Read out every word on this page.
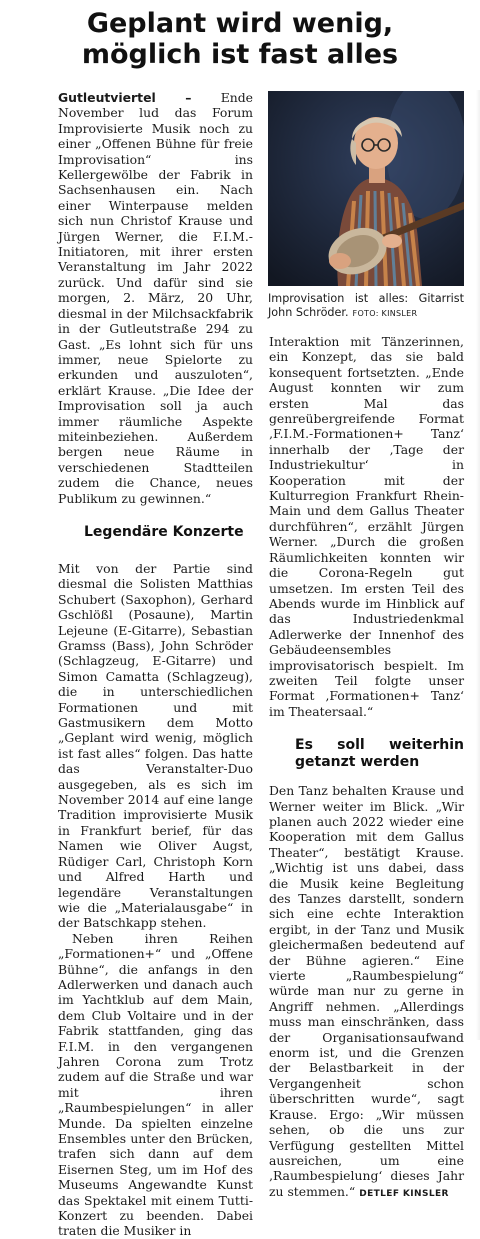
Geplant wird wenig,
möglich ist fast alles

Gutleutviertel – Ende November lud das Forum Improvisierte Musik noch zu einer „Offenen Bühne für freie Improvisation“ ins Kellergewölbe der Fabrik in Sachsenhausen ein. Nach einer Winterpause melden sich nun Christof Krause und Jürgen Werner, die F.I.M.-Initiatoren, mit ihrer ersten Veranstaltung im Jahr 2022 zurück. Und dafür sind sie morgen, 2. März, 20 Uhr, diesmal in der Milchsackfabrik in der Gutleutstraße 294 zu Gast. „Es lohnt sich für uns immer, neue Spielorte zu erkunden und auszuloten“, erklärt Krause. „Die Idee der Improvisation soll ja auch immer räumliche Aspekte miteinbeziehen. Außerdem bergen neue Räume in verschiedenen Stadtteilen zudem die Chance, neues Publikum zu gewinnen.“

Legendäre Konzerte

Mit von der Partie sind diesmal die Solisten Matthias Schubert (Saxophon), Gerhard Gschlößl (Posaune), Martin Lejeune (E-Gitarre), Sebastian Gramss (Bass), John Schröder (Schlagzeug, E-Gitarre) und Simon Camatta (Schlagzeug), die in unterschiedlichen Formationen und mit Gastmusikern dem Motto „Geplant wird wenig, möglich ist fast alles“ folgen. Das hatte das Veranstalter-Duo ausgegeben, als es sich im November 2014 auf eine lange Tradition improvisierte Musik in Frankfurt berief, für das Namen wie Oliver Augst, Rüdiger Carl, Christoph Korn und Alfred Harth und legendäre Veranstaltungen wie die „Materialausgabe“ in der Batschkapp stehen.

Neben ihren Reihen „Formationen+“ und „Offene Bühne“, die anfangs in den Adlerwerken und danach auch im Yachtklub auf dem Main, dem Club Voltaire und in der Fabrik stattfanden, ging das F.I.M. in den vergangenen Jahren Corona zum Trotz zudem auf die Straße und war mit ihren „Raumbespielungen“ in aller Munde. Da spielten einzelne Ensembles unter den Brücken, trafen sich dann auf dem Eisernen Steg, um im Hof des Museums Angewandte Kunst das Spektakel mit einem Tutti-Konzert zu beenden. Dabei traten die Musiker in

Improvisation ist alles: Gitarrist John Schröder. FOTO: KINSLER

Interaktion mit Tänzerinnen, ein Konzept, das sie bald konsequent fortsetzten. „Ende August konnten wir zum ersten Mal das genreübergreifende Format ‚F.I.M.-Formationen+ Tanz‘ innerhalb der ‚Tage der Industriekultur‘ in Kooperation mit der Kulturregion Frankfurt Rhein-Main und dem Gallus Theater durchführen“, erzählt Jürgen Werner. „Durch die großen Räumlichkeiten konnten wir die Corona-Regeln gut umsetzen. Im ersten Teil des Abends wurde im Hinblick auf das Industriedenkmal Adlerwerke der Innenhof des Gebäudeensembles improvisatorisch bespielt. Im zweiten Teil folgte unser Format ‚Formationen+ Tanz‘ im Theatersaal.“

Es soll weiterhin getanzt werden

Den Tanz behalten Krause und Werner weiter im Blick. „Wir planen auch 2022 wieder eine Kooperation mit dem Gallus Theater“, bestätigt Krause. „Wichtig ist uns dabei, dass die Musik keine Begleitung des Tanzes darstellt, sondern sich eine echte Interaktion ergibt, in der Tanz und Musik gleichermaßen bedeutend auf der Bühne agieren.“ Eine vierte „Raumbespielung“ würde man nur zu gerne in Angriff nehmen. „Allerdings muss man einschränken, dass der Organisationsaufwand enorm ist, und die Grenzen der Belastbarkeit in der Vergangenheit schon überschritten wurde“, sagt Krause. Ergo: „Wir müssen sehen, ob die uns zur Verfügung gestellten Mittel ausreichen, um eine ‚Raumbespielung‘ dieses Jahr zu stemmen.“ DETLEF KINSLER
